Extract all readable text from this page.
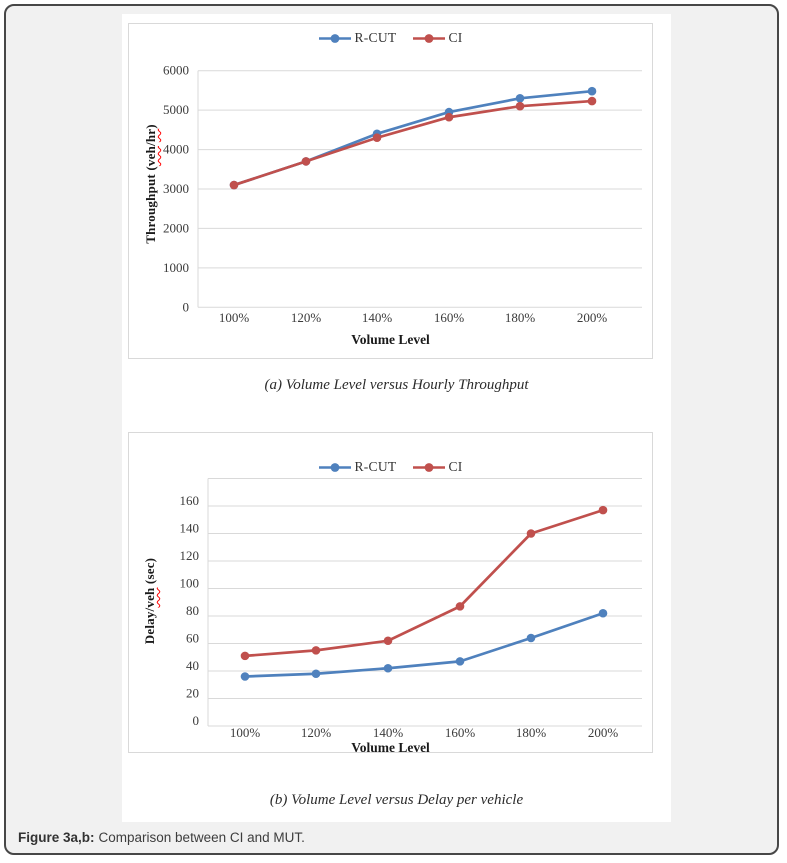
0
1000
2000
3000
4000
5000
6000
100%	120%	140%	160%	180%	200%
R-CUT	CI
Throughput (veh/hr)
Volume Level
0
20
40
60
80
100
120
140
160
100%	120%	140%	160%	180%	200%
R-CUT	CI
Delay/veh (sec)
Volume Level
(a) Volume Level versus Hourly Throughput
(b) Volume Level versus Delay per vehicle
Figure 3a,b: Comparison between CI and MUT.
